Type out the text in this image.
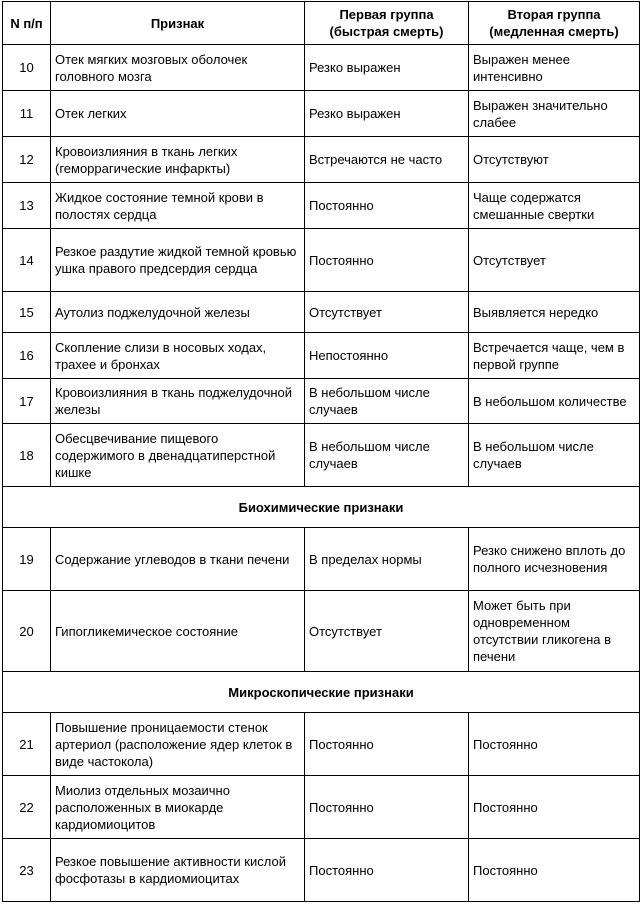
N п/п	Признак	Первая группа (быстрая смерть)	Вторая группа (медленная смерть)
10	Отек мягких мозговых оболочек головного мозга	Резко выражен	Выражен менее интенсивно
11	Отек легких	Резко выражен	Выражен значительно слабее
12	Кровоизлияния в ткань легких (геморрагические инфаркты)	Встречаются не часто	Отсутствуют
13	Жидкое состояние темной крови в полостях сердца	Постоянно	Чаще содержатся смешанные свертки
14	Резкое раздутие жидкой темной кровью ушка правого предсердия сердца	Постоянно	Отсутствует
15	Аутолиз поджелудочной железы	Отсутствует	Выявляется нередко
16	Скопление слизи в носовых ходах, трахее и бронхах	Непостоянно	Встречается чаще, чем в первой группе
17	Кровоизлияния в ткань поджелудочной железы	В небольшом числе случаев	В небольшом количестве
18	Обесцвечивание пищевого содержимого в двенадцатиперстной кишке	В небольшом числе случаев	В небольшом числе случаев
Биохимические признаки			
19	Содержание углеводов в ткани печени	В пределах нормы	Резко снижено вплоть до полного исчезновения
20	Гипогликемическое состояние	Отсутствует	Может быть при одновременном отсутствии гликогена в печени
Микроскопические признаки			
21	Повышение проницаемости стенок артериол (расположение ядер клеток в виде частокола)	Постоянно	Постоянно
22	Миолиз отдельных мозаично расположенных в миокарде кардиомиоцитов	Постоянно	Постоянно
23	Резкое повышение активности кислой фосфотазы в кардиомиоцитах	Постоянно	Постоянно
